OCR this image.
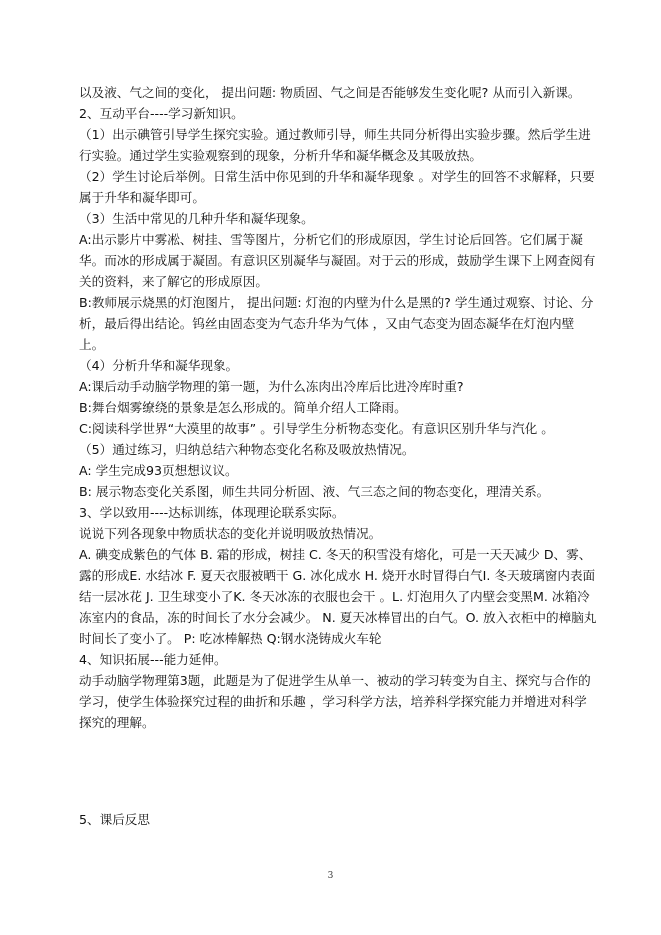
以及液、气之间的变化， 提出问题: 物质固、气之间是否能够发生变化呢? 从而引入新课。

2、互动平台----学习新知识。

（1）出示碘管引导学生探究实验。通过教师引导，师生共同分析得出实验步骤。然后学生进行实验。通过学生实验观察到的现象，分析升华和凝华概念及其吸放热。

（2）学生讨论后举例。日常生活中你见到的升华和凝华现象 。对学生的回答不求解释，只要属于升华和凝华即可。

（3）生活中常见的几种升华和凝华现象。

A:出示影片中雾凇、树挂、雪等图片，分析它们的形成原因，学生讨论后回答。它们属于凝华。而冰的形成属于凝固。有意识区别凝华与凝固。对于云的形成，鼓励学生课下上网查阅有关的资料，来了解它的形成原因。

B:教师展示烧黑的灯泡图片， 提出问题: 灯泡的内壁为什么是黑的? 学生通过观察、讨论、分析，最后得出结论。钨丝由固态变为气态升华为气体 ，又由气态变为固态凝华在灯泡内壁上。

（4）分析升华和凝华现象。

A:课后动手动脑学物理的第一题，为什么冻肉出冷库后比进冷库时重?

B:舞台烟雾缭绕的景象是怎么形成的。简单介绍人工降雨。

C:阅读科学世界“大漠里的故事” 。引导学生分析物态变化。有意识区别升华与汽化 。

（5）通过练习，归纳总结六种物态变化名称及吸放热情况。

A: 学生完成93页想想议议。

B: 展示物态变化关系图，师生共同分析固、液、气三态之间的物态变化，理清关系。

3、学以致用----达标训练，体现理论联系实际。

说说下列各现象中物质状态的变化并说明吸放热情况。

A. 碘变成紫色的气体 B. 霜的形成，树挂 C. 冬天的积雪没有熔化，可是一天天减少 D、雾、露的形成E. 水结冰 F. 夏天衣服被晒干 G. 冰化成水 H. 烧开水时冒得白气I. 冬天玻璃窗内表面结一层冰花 J. 卫生球变小了K. 冬天冰冻的衣服也会干 。L. 灯泡用久了内壁会变黑M. 冰箱冷冻室内的食品，冻的时间长了水分会减少。 N. 夏天冰棒冒出的白气。O. 放入衣柜中的樟脑丸时间长了变小了。 P: 吃冰棒解热 Q:钢水浇铸成火车轮

4、知识拓展---能力延伸。

动手动脑学物理第3题，此题是为了促进学生从单一、被动的学习转变为自主、探究与合作的学习，使学生体验探究过程的曲折和乐趣 ，学习科学方法，培养科学探究能力并增进对科学探究的理解。

5、课后反思

3
